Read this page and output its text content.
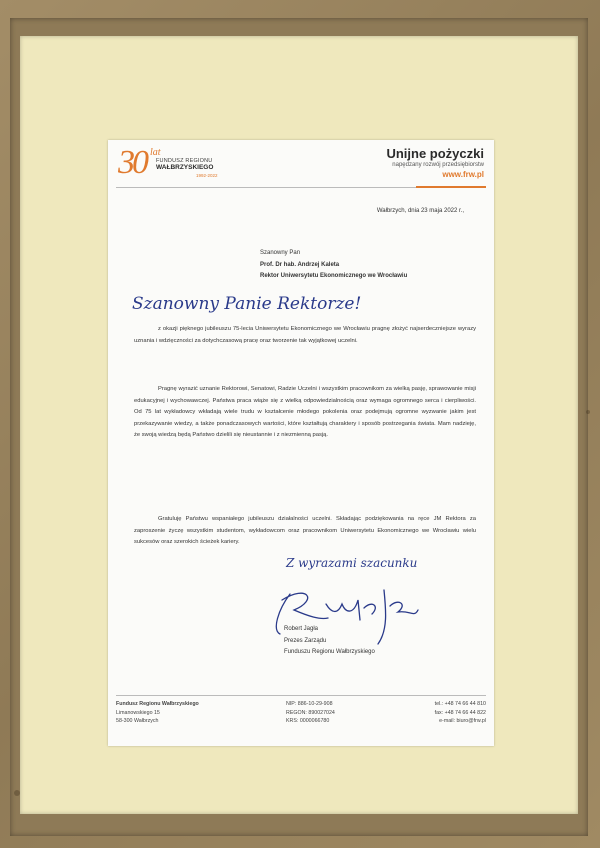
30 lat
FUNDUSZ REGIONU
WAŁBRZYSKIEGO
1992-2022
Unijne pożyczki
napędzany rozwój przedsiębiorstw
www.frw.pl
Wałbrzych, dnia 23 maja 2022 r.,
Szanowny Pan
Prof. Dr hab. Andrzej Kaleta
Rektor Uniwersytetu Ekonomicznego we Wrocławiu
Szanowny Panie Rektorze!
z okazji pięknego jubileuszu 75-lecia Uniwersytetu Ekonomicznego we Wrocławiu pragnę złożyć najserdeczniejsze wyrazy uznania i wdzięczności za dotychczasową pracę oraz tworzenie tak wyjątkowej uczelni.
Pragnę wyrazić uznanie Rektorowi, Senatowi, Radzie Uczelni i wszystkim pracownikom za wielką pasję, sprawowanie misji edukacyjnej i wychowawczej. Państwa praca wiąże się z wielką odpowiedzialnością oraz wymaga ogromnego serca i cierpliwości. Od 75 lat wykładowcy wkładają wiele trudu w kształcenie młodego pokolenia oraz podejmują ogromne wyzwanie jakim jest przekazywanie wiedzy, a także ponadczasowych wartości, które kształtują charaktery i sposób postrzegania świata. Mam nadzieję, że swoją wiedzą będą Państwo dzielili się nieustannie i z niezmienną pasją.
Gratuluję Państwu wspaniałego jubileuszu działalności uczelni. Składając podziękowania na ręce JM Rektora za zaproszenie życzę wszystkim studentom, wykładowcom oraz pracownikom Uniwersytetu Ekonomicznego we Wrocławiu wielu sukcesów oraz szerokich ścieżek kariery.
Z wyrazami szacunku
Robert Jagła
Prezes Zarządu
Funduszu Regionu Wałbrzyskiego
Fundusz Regionu Wałbrzyskiego
Limanowskiego 15
58-300 Wałbrzych
NIP: 886-10-29-908
REGON: 890027024
KRS: 0000066780
tel.: +48 74 66 44 810
fax: +48 74 66 44 822
e-mail: biuro@frw.pl
